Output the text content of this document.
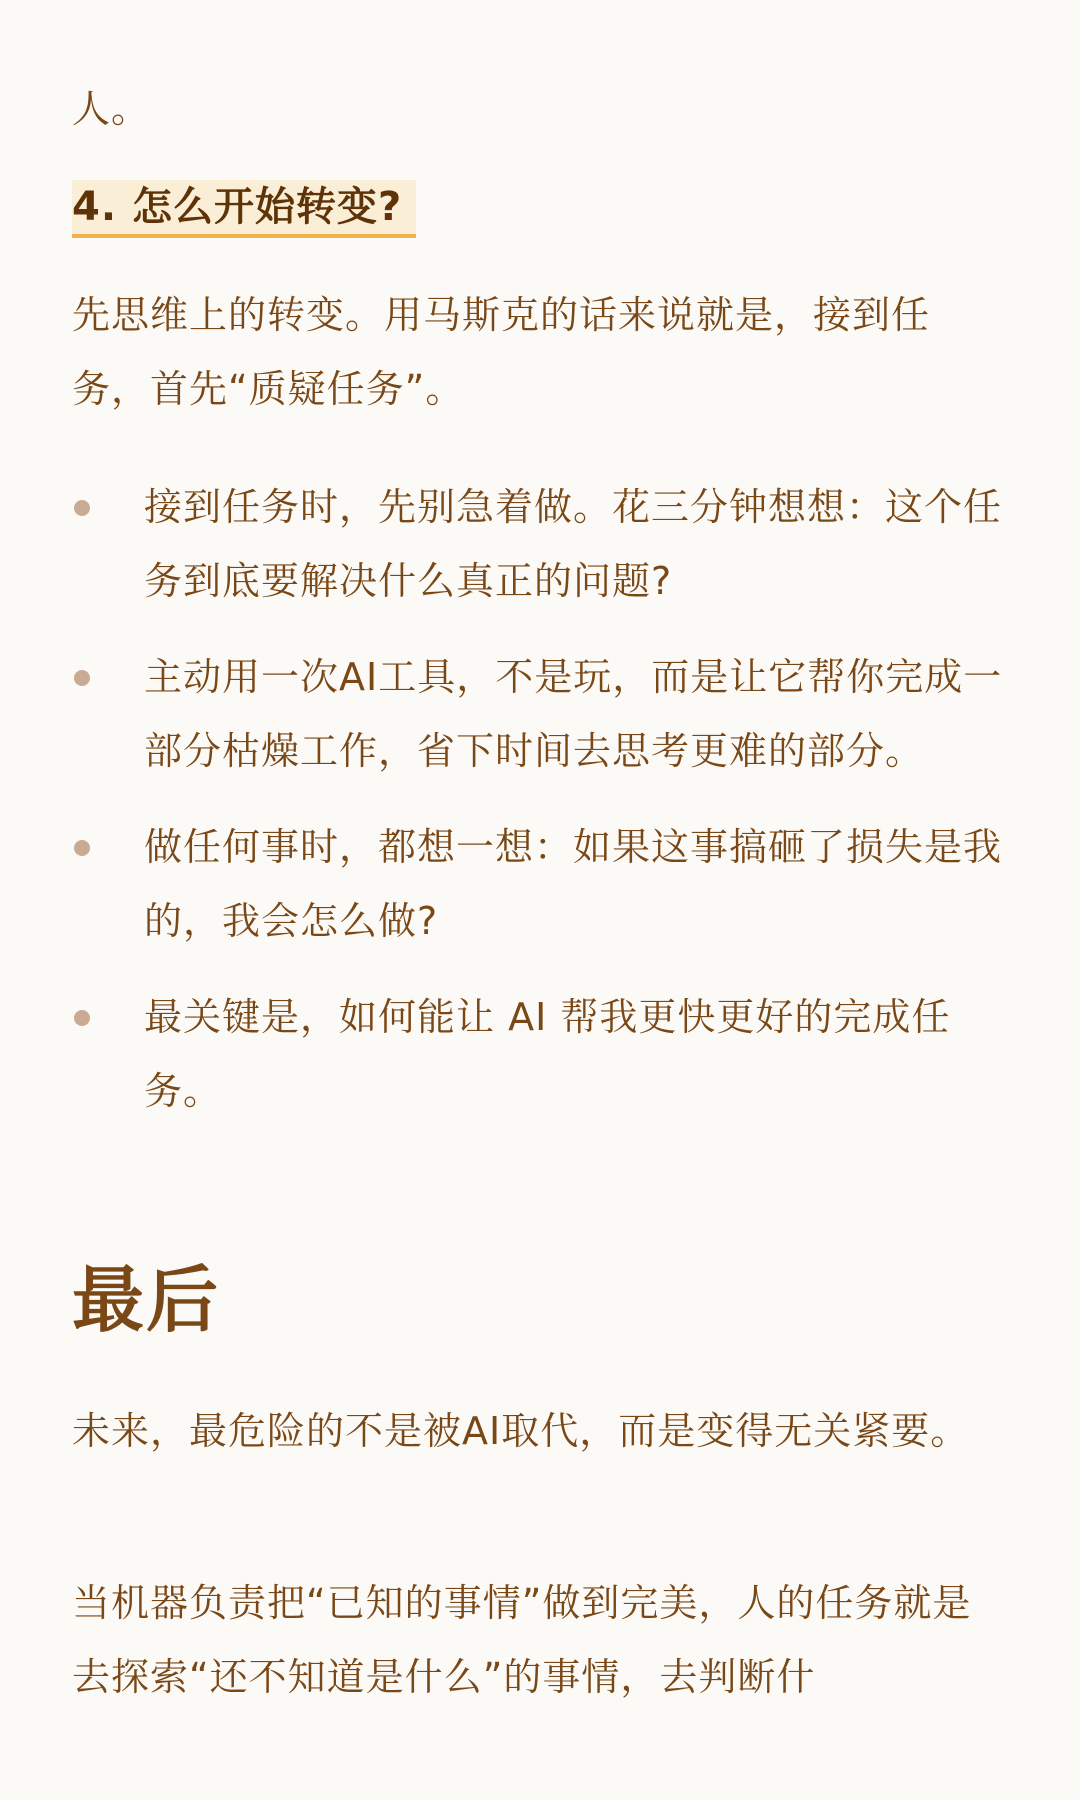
人。

4. 怎么开始转变?

先思维上的转变。用马斯克的话来说就是，接到任务，首先“质疑任务”。

接到任务时，先别急着做。花三分钟想想：这个任务到底要解决什么真正的问题?
主动用一次AI工具，不是玩，而是让它帮你完成一部分枯燥工作，省下时间去思考更难的部分。
做任何事时，都想一想：如果这事搞砸了损失是我的，我会怎么做?
最关键是，如何能让 AI 帮我更快更好的完成任务。
最后

未来，最危险的不是被AI取代，而是变得无关紧要。

当机器负责把“已知的事情”做到完美，人的任务就是去探索“还不知道是什么”的事情，去判断什
